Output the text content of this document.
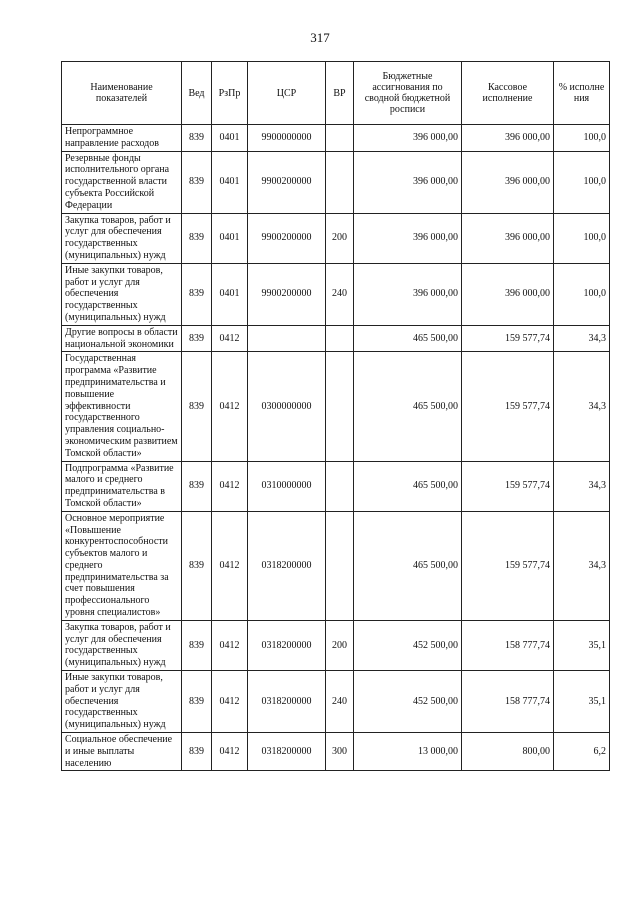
317
Наименование показателей	Вед	РзПр	ЦСР	ВР	Бюджетные ассигнования по сводной бюджетной росписи	Кассовое исполнение	% исполне ния
Непрограммное направление расходов	839	0401	9900000000		396 000,00	396 000,00	100,0
Резервные фонды исполнительного органа государственной власти субъекта Российской Федерации	839	0401	9900200000		396 000,00	396 000,00	100,0
Закупка товаров, работ и услуг для обеспечения государственных (муниципальных) нужд	839	0401	9900200000	200	396 000,00	396 000,00	100,0
Иные закупки товаров, работ и услуг для обеспечения государственных (муниципальных) нужд	839	0401	9900200000	240	396 000,00	396 000,00	100,0
Другие вопросы в области национальной экономики	839	0412			465 500,00	159 577,74	34,3
Государственная программа «Развитие предпринимательства и повышение эффективности государственного управления социально-экономическим развитием Томской области»	839	0412	0300000000		465 500,00	159 577,74	34,3
Подпрограмма «Развитие малого и среднего предпринимательства в Томской области»	839	0412	0310000000		465 500,00	159 577,74	34,3
Основное мероприятие «Повышение конкурентоспособности субъектов малого и среднего предпринимательства за счет повышения профессионального уровня специалистов»	839	0412	0318200000		465 500,00	159 577,74	34,3
Закупка товаров, работ и услуг для обеспечения государственных (муниципальных) нужд	839	0412	0318200000	200	452 500,00	158 777,74	35,1
Иные закупки товаров, работ и услуг для обеспечения государственных (муниципальных) нужд	839	0412	0318200000	240	452 500,00	158 777,74	35,1
Социальное обеспечение и иные выплаты населению	839	0412	0318200000	300	13 000,00	800,00	6,2
